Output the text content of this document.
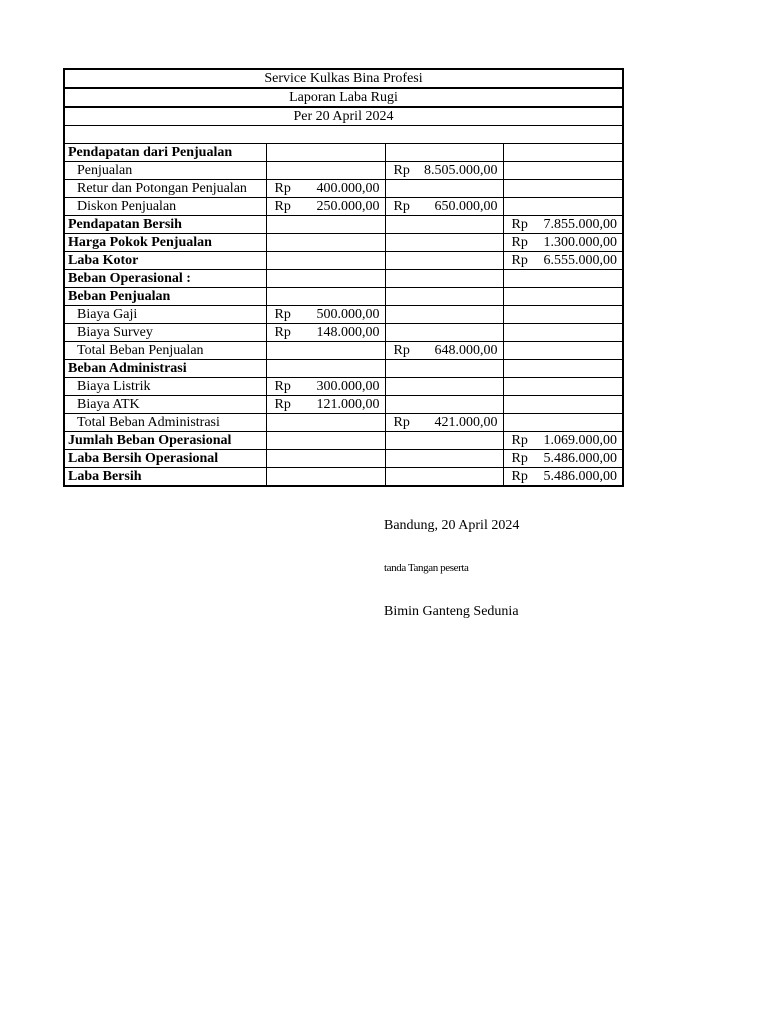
Service Kulkas Bina Profesi			
Laporan Laba Rugi			
Per 20 April 2024			

Pendapatan dari Penjualan			
Penjualan		Rp 8.505.000,00	

Retur dan Potongan Penjualan	Rp 400.000,00		

Diskon Penjualan	Rp 250.000,00	Rp 650.000,00	

Pendapatan Bersih			Rp 7.855.000,00

Harga Pokok Penjualan			Rp 1.300.000,00

Laba Kotor			Rp 6.555.000,00

Beban Operasional :			
Beban Penjualan			
Biaya Gaji	Rp 500.000,00		

Biaya Survey	Rp 148.000,00		

Total Beban Penjualan		Rp 648.000,00	

Beban Administrasi			
Biaya Listrik	Rp 300.000,00		

Biaya ATK	Rp 121.000,00		

Total Beban Administrasi		Rp 421.000,00	

Jumlah Beban Operasional			Rp 1.069.000,00

Laba Bersih Operasional			Rp 5.486.000,00

Laba Bersih			Rp 5.486.000,00
Bandung, 20 April 2024
tanda Tangan peserta
Bimin Ganteng Sedunia
